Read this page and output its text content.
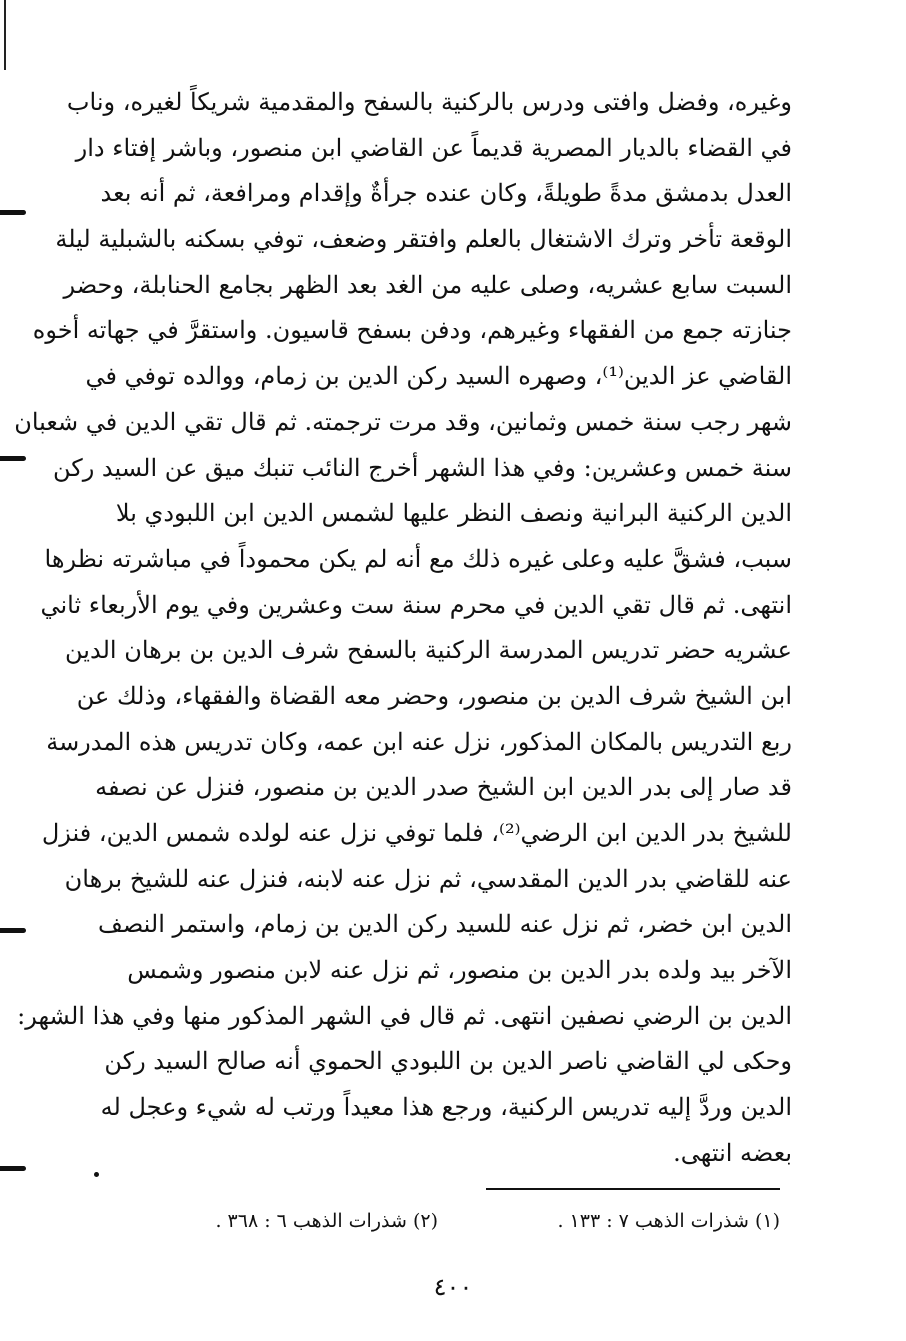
وغيره، وفضل وافتى ودرس بالركنية بالسفح والمقدمية شريكاً لغيره، وناب
في القضاء بالديار المصرية قديماً عن القاضي ابن منصور، وباشر إفتاء دار
العدل بدمشق مدةً طويلةً، وكان عنده جرأةٌ وإقدام ومرافعة، ثم أنه بعد
الوقعة تأخر وترك الاشتغال بالعلم وافتقر وضعف، توفي بسكنه بالشبلية ليلة
السبت سابع عشريه، وصلى عليه من الغد بعد الظهر بجامع الحنابلة، وحضر
جنازته جمع من الفقهاء وغيرهم، ودفن بسفح قاسيون. واستقرَّ في جهاته أخوه
القاضي عز الدين⁽¹⁾، وصهره السيد ركن الدين بن زمام، ووالده توفي في
شهر رجب سنة خمس وثمانين، وقد مرت ترجمته. ثم قال تقي الدين في شعبان
سنة خمس وعشرين: وفي هذا الشهر أخرج النائب تنبك ميق عن السيد ركن
الدين الركنية البرانية ونصف النظر عليها لشمس الدين ابن اللبودي بلا
سبب، فشقَّ عليه وعلى غيره ذلك مع أنه لم يكن محموداً في مباشرته نظرها
انتهى. ثم قال تقي الدين في محرم سنة ست وعشرين وفي يوم الأربعاء ثاني
عشريه حضر تدريس المدرسة الركنية بالسفح شرف الدين بن برهان الدين
ابن الشيخ شرف الدين بن منصور، وحضر معه القضاة والفقهاء، وذلك عن
ربع التدريس بالمكان المذكور، نزل عنه ابن عمه، وكان تدريس هذه المدرسة
قد صار إلى بدر الدين ابن الشيخ صدر الدين بن منصور، فنزل عن نصفه
للشيخ بدر الدين ابن الرضي⁽²⁾، فلما توفي نزل عنه لولده شمس الدين، فنزل
عنه للقاضي بدر الدين المقدسي، ثم نزل عنه لابنه، فنزل عنه للشيخ برهان
الدين ابن خضر، ثم نزل عنه للسيد ركن الدين بن زمام، واستمر النصف
الآخر بيد ولده بدر الدين بن منصور، ثم نزل عنه لابن منصور وشمس
الدين بن الرضي نصفين انتهى. ثم قال في الشهر المذكور منها وفي هذا الشهر:
وحكى لي القاضي ناصر الدين بن اللبودي الحموي أنه صالح السيد ركن
الدين وردَّ إليه تدريس الركنية، ورجع هذا معيداً ورتب له شيء وعجل له
بعضه انتهى.
(١) شذرات الذهب ٧ : ١٣٣ .
(٢) شذرات الذهب ٦ : ٣٦٨ .
٤٠٠
